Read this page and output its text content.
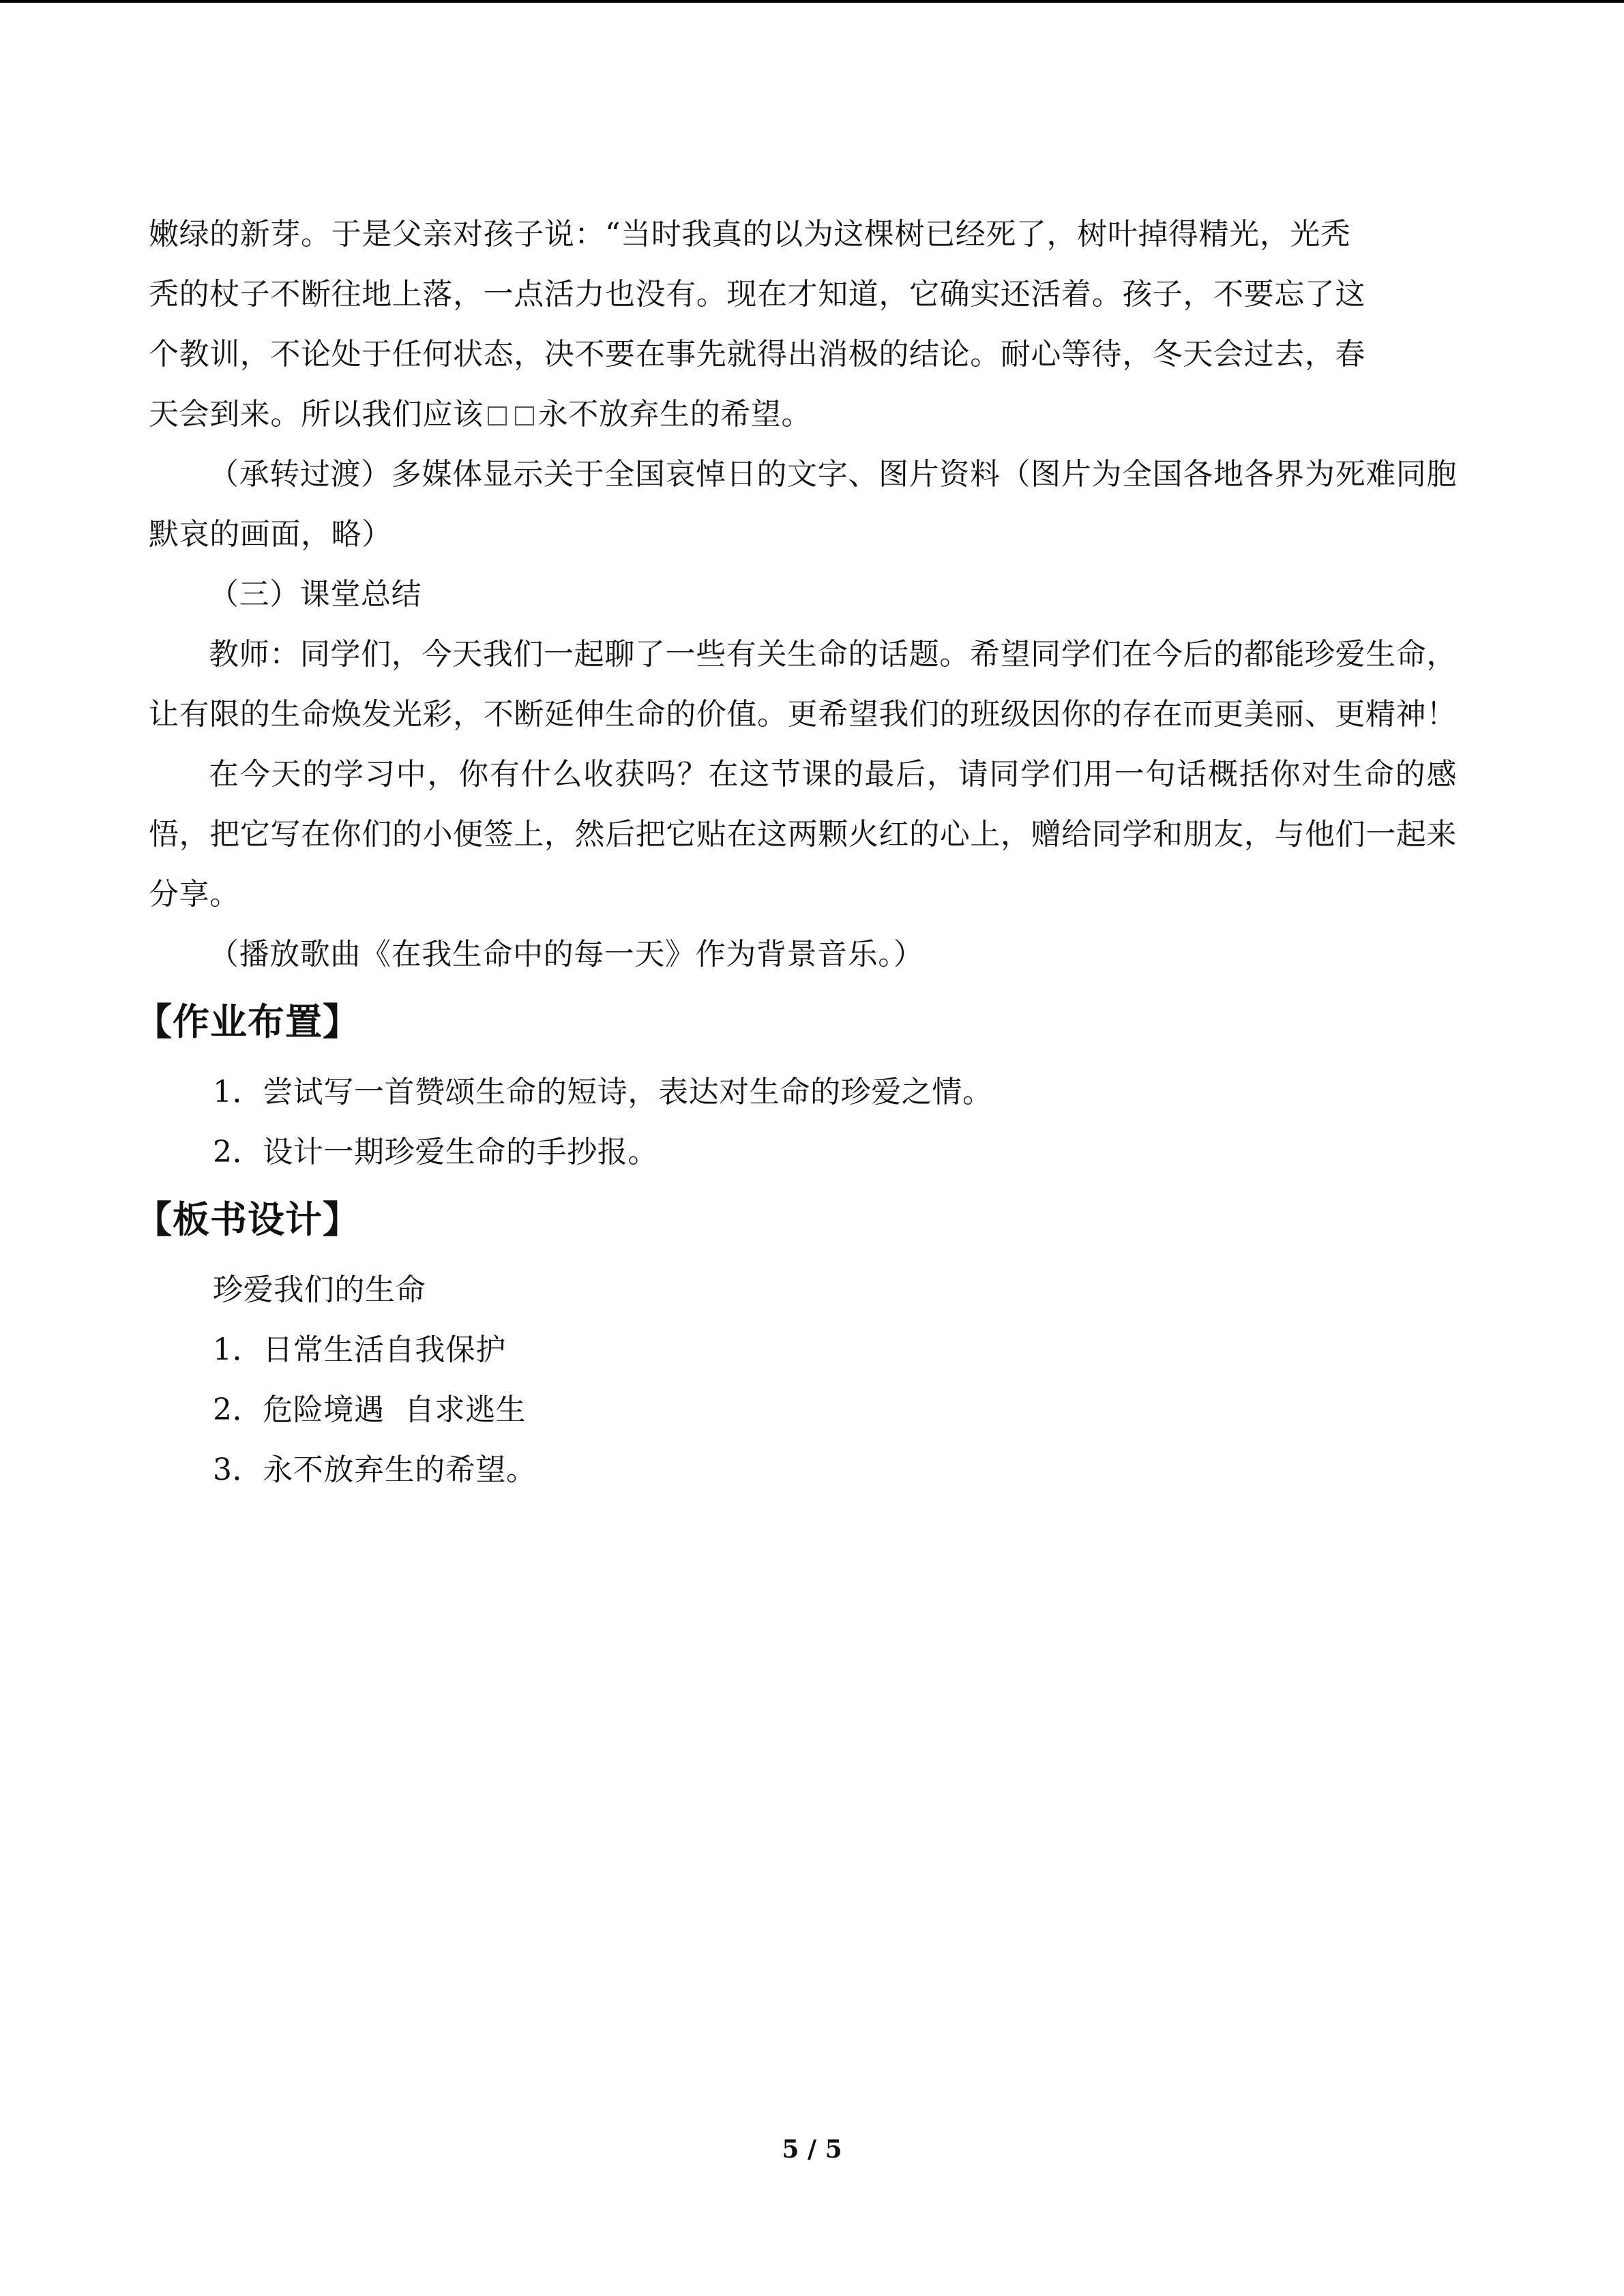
嫩绿的新芽。于是父亲对孩子说：“当时我真的以为这棵树已经死了，树叶掉得精光，光秃
秃的杖子不断往地上落，一点活力也没有。现在才知道，它确实还活着。孩子，不要忘了这
个教训，不论处于任何状态，决不要在事先就得出消极的结论。耐心等待，冬天会过去，春
天会到来。所以我们应该 永不放弃生的希望。

（承转过渡）多媒体显示关于全国哀悼日的文字、图片资料（图片为全国各地各界为死难同胞默哀的画面，略）

（三）课堂总结

教师：同学们，今天我们一起聊了一些有关生命的话题。希望同学们在今后的都能珍爱生命，让有限的生命焕发光彩，不断延伸生命的价值。更希望我们的班级因你的存在而更美丽、更精神！

在今天的学习中，你有什么收获吗？在这节课的最后，请同学们用一句话概括你对生命的感悟，把它写在你们的小便签上，然后把它贴在这两颗火红的心上，赠给同学和朋友，与他们一起来分享。

（播放歌曲《在我生命中的每一天》作为背景音乐。）

【作业布置】

1．尝试写一首赞颂生命的短诗，表达对生命的珍爱之情。

2．设计一期珍爱生命的手抄报。

【板书设计】

珍爱我们的生命

1．日常生活自我保护

2．危险境遇  自求逃生

3．永不放弃生的希望。

5 / 5
